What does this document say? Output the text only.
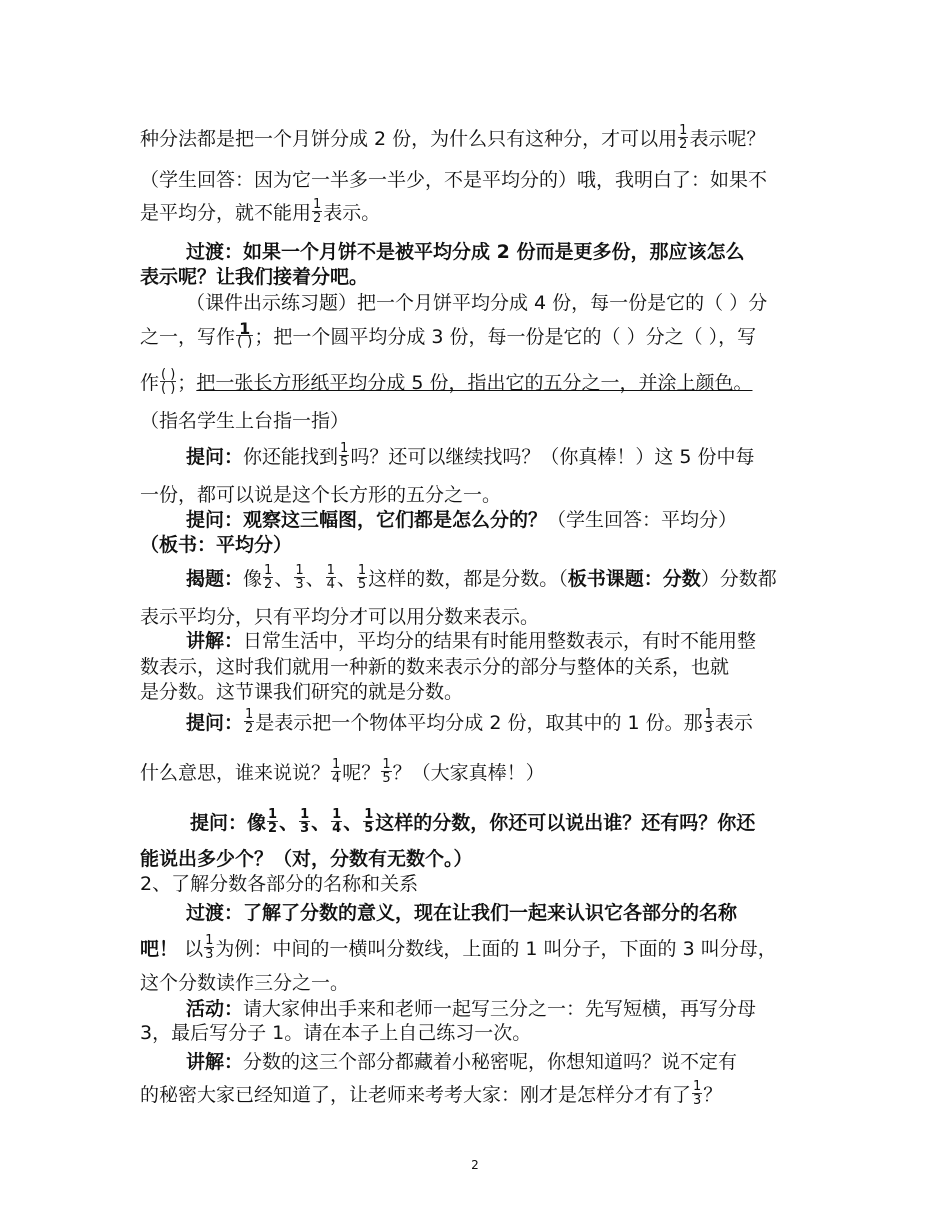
种分法都是把一个月饼分成 2 份，为什么只有这种分，才可以用 $\frac{1}{2}$ 表示呢？
（学生回答：因为它一半多一半少，不是平均分的）哦，我明白了：如果不
是平均分，就不能用 $\frac{1}{2}$ 表示。
过渡：如果一个月饼不是被平均分成 2 份而是更多份，那应该怎么
表示呢？让我们接着分吧。
（课件出示练习题）把一个月饼平均分成 4 份，每一份是它的（ ）分
之一，写作 $\frac{1}{( )}$ ；把一个圆平均分成 3 份，每一份是它的（ ）分之（ ），写
作 $\frac{( )}{( )}$ ；把一张长方形纸平均分成 5 份，指出它的五分之一，并涂上颜色。
（指名学生上台指一指）
提问：你还能找到 $\frac{1}{5}$ 吗？还可以继续找吗？（你真棒！）这 5 份中每
一份，都可以说是这个长方形的五分之一。
提问：观察这三幅图，它们都是怎么分的？（学生回答：平均分）
（板书：平均分）
揭题：像 $\frac{1}{2}$ 、 $\frac{1}{3}$ 、 $\frac{1}{4}$ 、 $\frac{1}{5}$ 这样的数，都是分数。（板书课题：分数）分数都
表示平均分，只有平均分才可以用分数来表示。
讲解：日常生活中，平均分的结果有时能用整数表示，有时不能用整
数表示，这时我们就用一种新的数来表示分的部分与整体的关系，也就
是分数。这节课我们研究的就是分数。
提问： $\frac{1}{2}$ 是表示把一个物体平均分成 2 份，取其中的 1 份。那 $\frac{1}{3}$ 表示
什么意思，谁来说说？ $\frac{1}{4}$ 呢？ $\frac{1}{5}$ ？（大家真棒！）
提问：像 $\frac{1}{2}$ 、 $\frac{1}{3}$ 、 $\frac{1}{4}$ 、 $\frac{1}{5}$ 这样的分数，你还可以说出谁？还有吗？你还
能说出多少个？（对，分数有无数个。）
2、了解分数各部分的名称和关系
过渡：了解了分数的意义，现在让我们一起来认识它各部分的名称
吧！ 以 $\frac{1}{3}$ 为例：中间的一横叫分数线，上面的 1 叫分子，下面的 3 叫分母，
这个分数读作三分之一。
活动：请大家伸出手来和老师一起写三分之一：先写短横，再写分母
3，最后写分子 1。请在本子上自己练习一次。
讲解：分数的这三个部分都藏着小秘密呢，你想知道吗？说不定有
的秘密大家已经知道了，让老师来考考大家：刚才是怎样分才有了 $\frac{1}{3}$ ？
2
